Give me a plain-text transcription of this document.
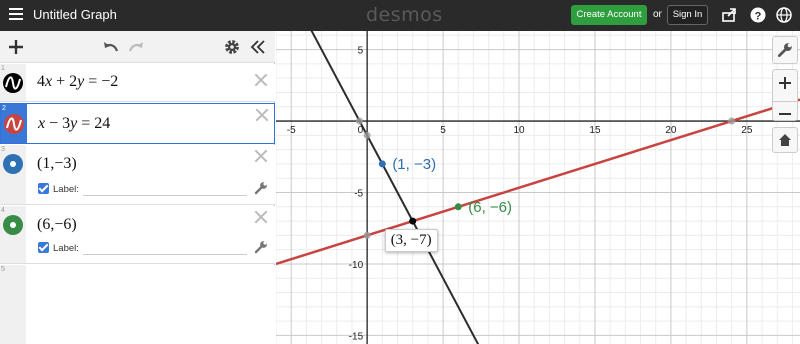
Untitled Graph	desmos	Create Account	or	Sign In	?
1
4x + 2y = −2
2
x − 3y = 24
3
(1,−3)
Label:
4
(6,−6)
Label:
5
-5	0	5	10	15	20	25
5
-5
-10
-15
(1, −3)
(6, −6)
(3, −7)
